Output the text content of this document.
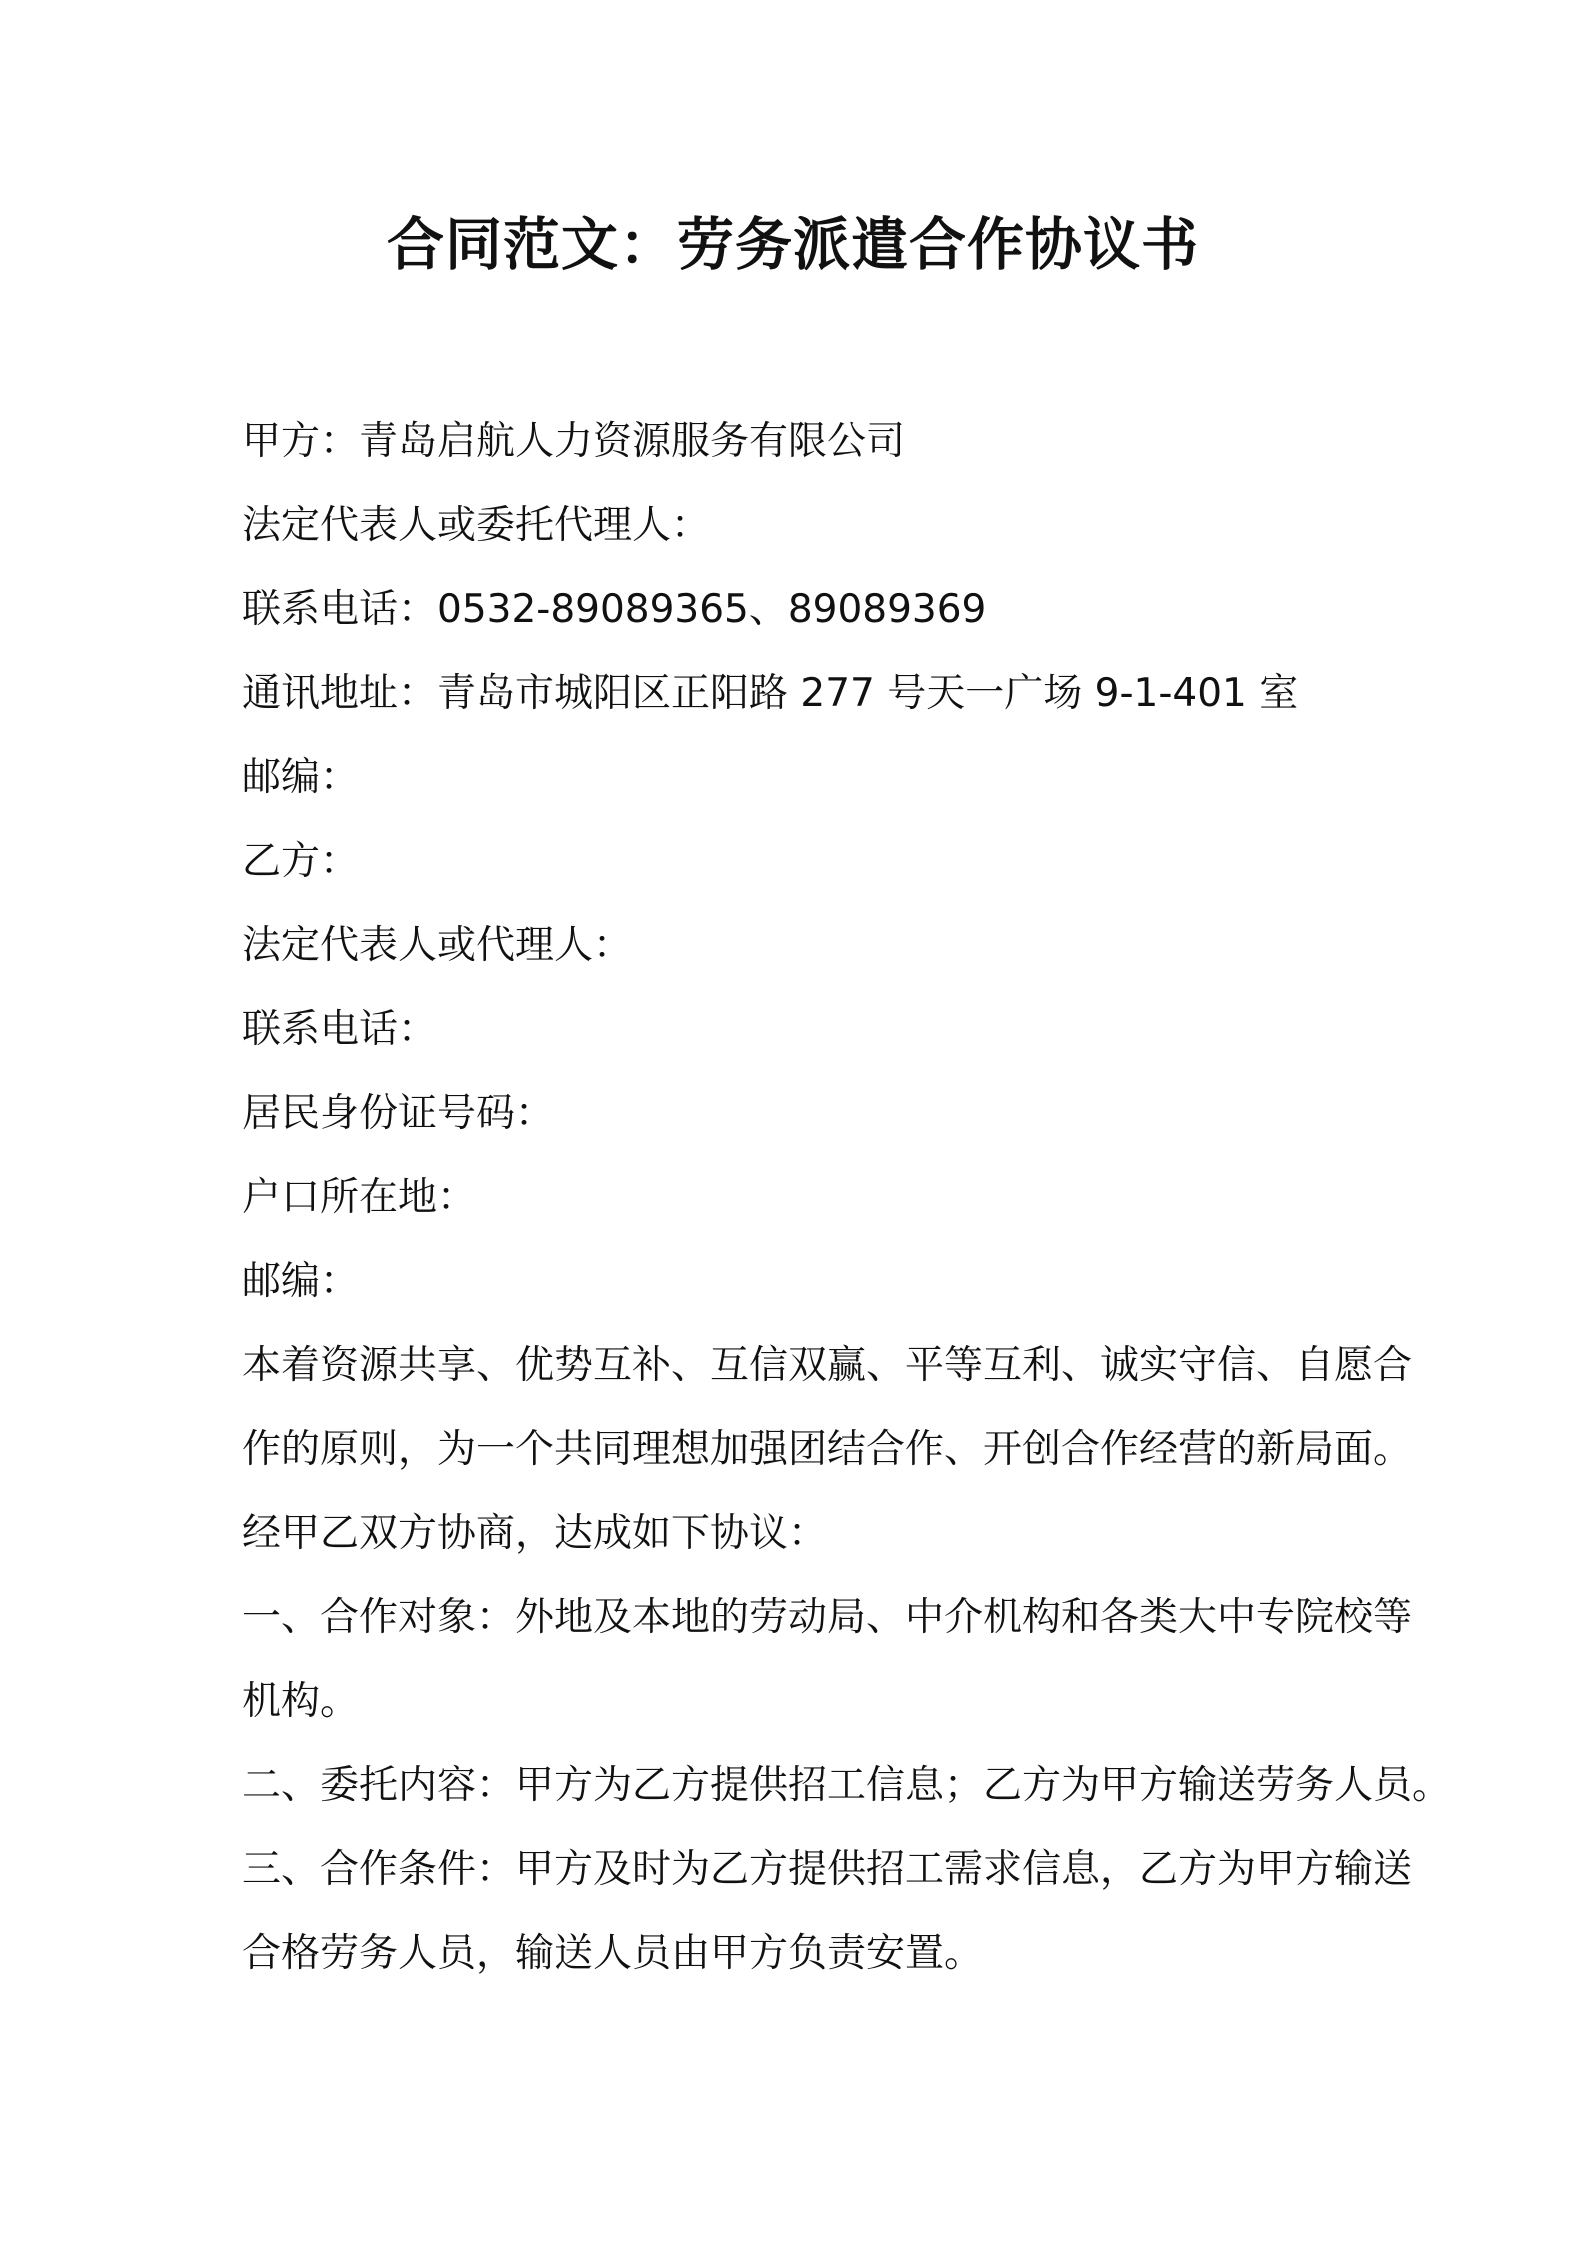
合同范文：劳务派遣合作协议书

甲方：青岛启航人力资源服务有限公司

法定代表人或委托代理人：

联系电话：0532-89089365、89089369

通讯地址：青岛市城阳区正阳路 277 号天一广场 9-1-401 室

邮编：

乙方：

法定代表人或代理人：

联系电话：

居民身份证号码：

户口所在地：

邮编：

本着资源共享、优势互补、互信双赢、平等互利、诚实守信、自愿合

作的原则，为一个共同理想加强团结合作、开创合作经营的新局面。

经甲乙双方协商，达成如下协议：

一、合作对象：外地及本地的劳动局、中介机构和各类大中专院校等

机构。

二、委托内容：甲方为乙方提供招工信息；乙方为甲方输送劳务人员。

三、合作条件：甲方及时为乙方提供招工需求信息，乙方为甲方输送

合格劳务人员，输送人员由甲方负责安置。
